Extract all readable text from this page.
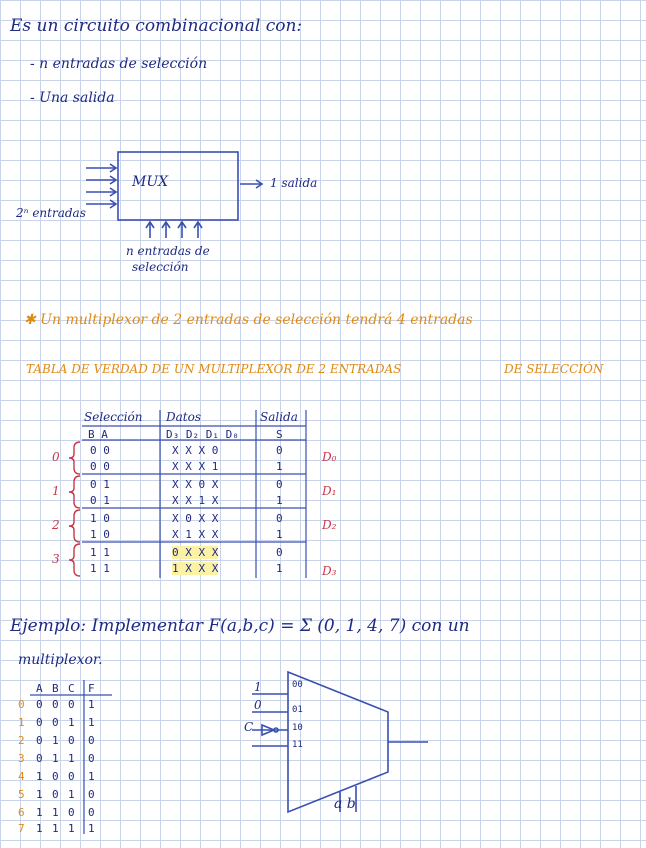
Es un circuito combinacional con:
- n entradas de selección
- Una salida
MUX	1 salida
2ⁿ entradas
n entradas de
selección
✱ Un multiplexor de 2 entradas de selección tendrá 4 entradas
TABLA DE VERDAD DE UN MULTIPLEXOR DE 2 ENTRADAS	DE SELECCIÓN
Selección Datos	Salida
B A	D₃ D₂ D₁ D₀	S
0
1
2
3
0 0	X X X 0	0
0 0	X X X 1	1
0 1	X X 0 X	0
0 1	X X 1 X	1
1 0	X 0 X X	0
1 0	X 1 X X	1
1 1	0 X X X	0
1 1	1 X X X	1
D₀
D₁
D₂
D₃
Ejemplo: Implementar F(a,b,c) = Σ (0, 1, 4, 7) con un
multiplexor.
A B C F
0 0 0 0 1
1 0 0 1 1
2 0 1 0 0
3 0 1 1 0
4 1 0 0 1
5 1 0 1 0
6 1 1 0 0
7 1 1 1 1
1
0
C
00
01
10
11
a b
